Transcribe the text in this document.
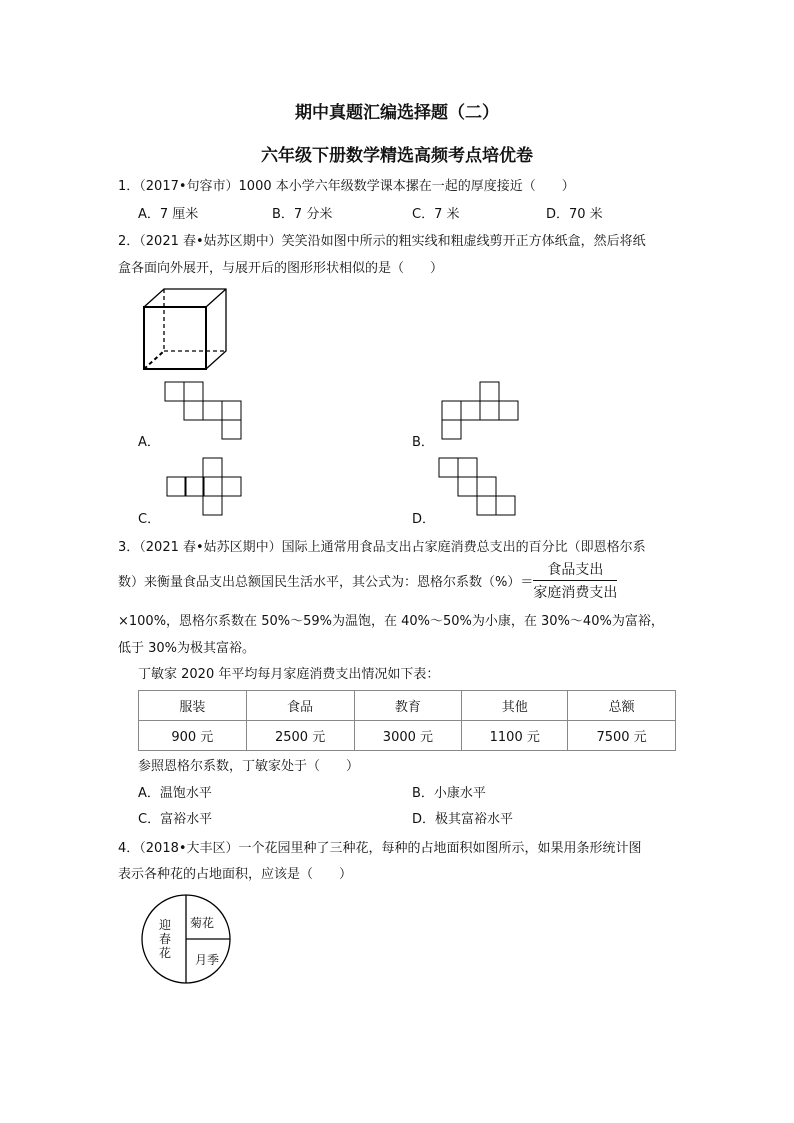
期中真题汇编选择题（二）
六年级下册数学精选高频考点培优卷
1．（2017•句容市）1000 本小学六年级数学课本摞在一起的厚度接近（　　）
A．7 厘米	B．7 分米	C．7 米	D．70 米
2．（2021 春•姑苏区期中）笑笑沿如图中所示的粗实线和粗虚线剪开正方体纸盒，然后将纸
盒各面向外展开，与展开后的图形形状相似的是（　　）
A．	B．
C．	D．
3．（2021 春•姑苏区期中）国际上通常用食品支出占家庭消费总支出的百分比（即恩格尔系
数）来衡量食品支出总额国民生活水平，其公式为：恩格尔系数（%）＝ $\frac{\text{食品支出}}{\text{家庭消费支出}}$
×100%，恩格尔系数在 50%～59%为温饱，在 40%～50%为小康，在 30%～40%为富裕，
低于 30%为极其富裕。
丁敏家 2020 年平均每月家庭消费支出情况如下表：
服装	食品	教育	其他	总额
900 元	2500 元	3000 元	1100 元	7500 元
参照恩格尔系数，丁敏家处于（　　）
A．温饱水平	B．小康水平
C．富裕水平	D．极其富裕水平
4．（2018•大丰区）一个花园里种了三种花，每种的占地面积如图所示，如果用条形统计图
表示各种花的占地面积，应该是（　　）
迎
春
花
菊花
月季
